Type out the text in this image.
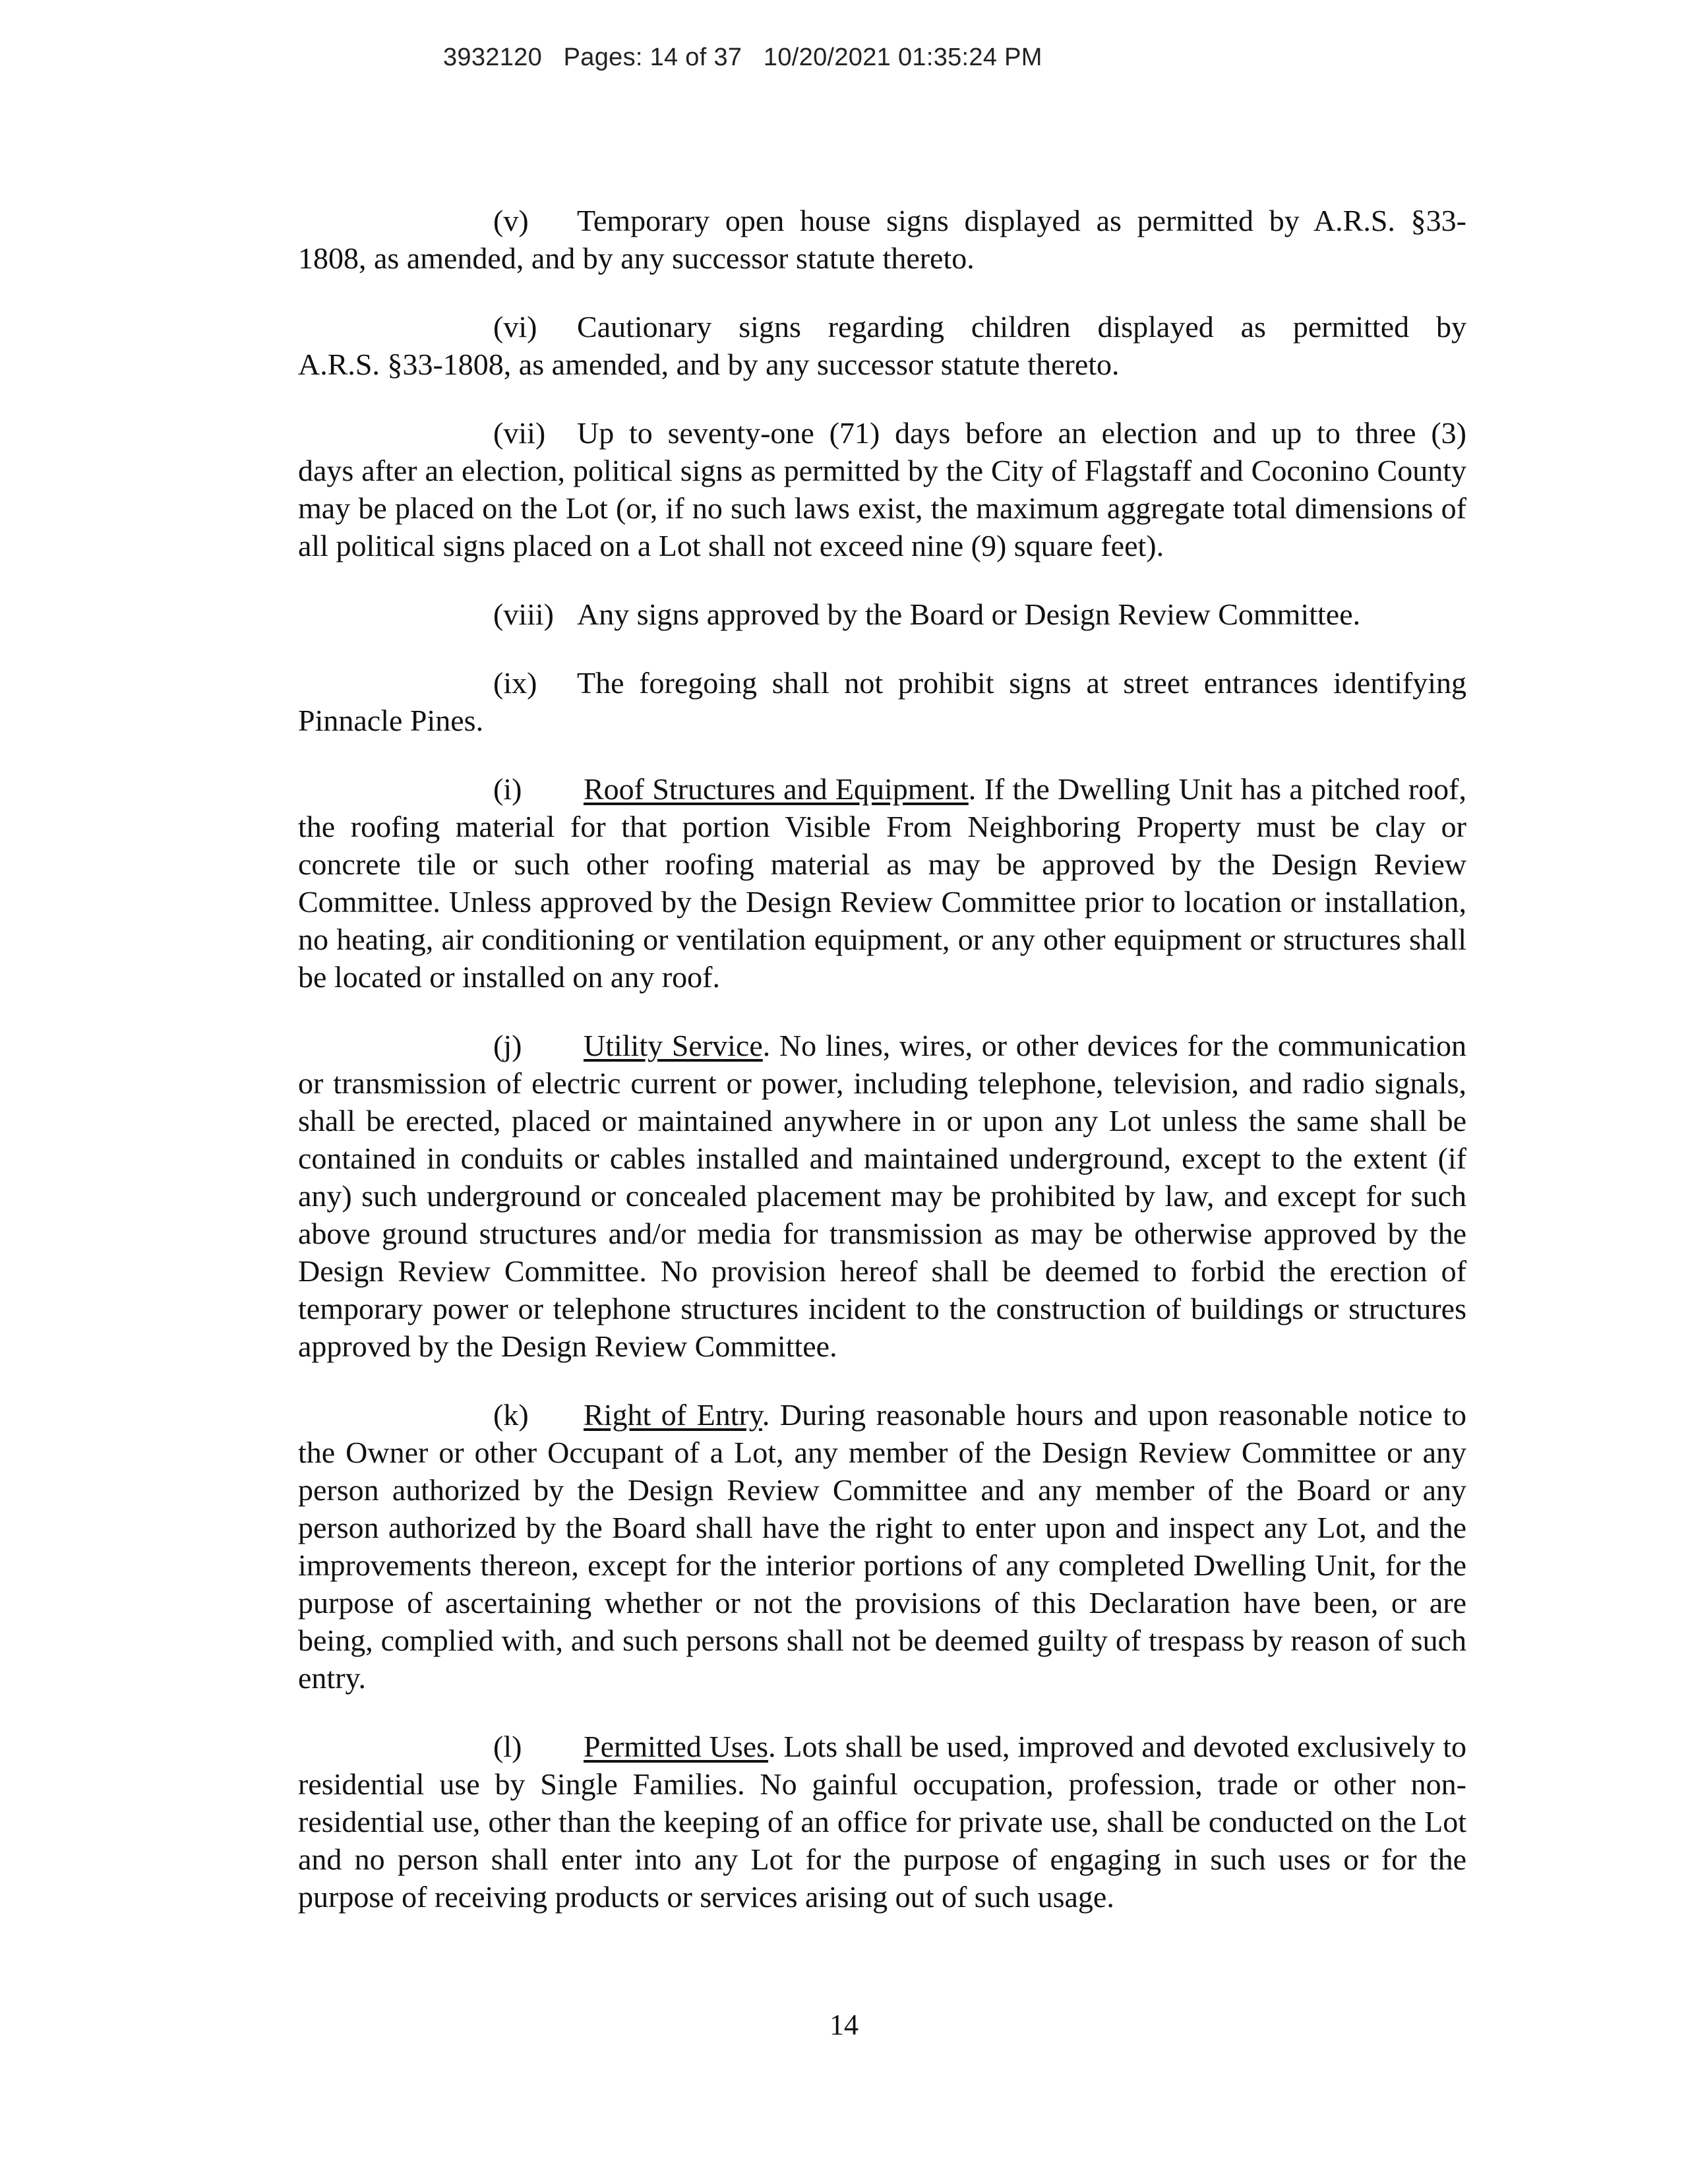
3932120 Pages: 14 of 37 10/20/2021 01:35:24 PM
(v)	Temporary open house signs displayed as permitted by A.R.S. §33-
1808, as amended, and by any successor statute thereto.
(vi)	Cautionary signs regarding children displayed as permitted by
A.R.S. §33-1808, as amended, and by any successor statute thereto.
(vii)	Up to seventy-one (71) days before an election and up to three (3)
days after an election, political signs as permitted by the City of Flagstaff and Coconino County may be placed on the Lot (or, if no such laws exist, the maximum aggregate total dimensions of all political signs placed on a Lot shall not exceed nine (9) square feet).
(viii) Any signs approved by the Board or Design Review Committee.
(ix)	The foregoing shall not prohibit signs at street entrances identifying
Pinnacle Pines.
(i) Roof Structures and Equipment. If the Dwelling Unit has a pitched roof, the roofing material for that portion Visible From Neighboring Property must be clay or concrete tile or such other roofing material as may be approved by the Design Review Committee. Unless approved by the Design Review Committee prior to location or installation, no heating, air conditioning or ventilation equipment, or any other equipment or structures shall be located or installed on any roof.
(j) Utility Service. No lines, wires, or other devices for the communication or transmission of electric current or power, including telephone, television, and radio signals, shall be erected, placed or maintained anywhere in or upon any Lot unless the same shall be contained in conduits or cables installed and maintained underground, except to the extent (if any) such underground or concealed placement may be prohibited by law, and except for such above ground structures and/or media for transmission as may be otherwise approved by the Design Review Committee. No provision hereof shall be deemed to forbid the erection of temporary power or telephone structures incident to the construction of buildings or structures approved by the Design Review Committee.
(k) Right of Entry. During reasonable hours and upon reasonable notice to the Owner or other Occupant of a Lot, any member of the Design Review Committee or any person authorized by the Design Review Committee and any member of the Board or any person authorized by the Board shall have the right to enter upon and inspect any Lot, and the improvements thereon, except for the interior portions of any completed Dwelling Unit, for the purpose of ascertaining whether or not the provisions of this Declaration have been, or are being, complied with, and such persons shall not be deemed guilty of trespass by reason of such entry.
(l) Permitted Uses. Lots shall be used, improved and devoted exclusively to residential use by Single Families. No gainful occupation, profession, trade or other non-residential use, other than the keeping of an office for private use, shall be conducted on the Lot and no person shall enter into any Lot for the purpose of engaging in such uses or for the purpose of receiving products or services arising out of such usage.
14
